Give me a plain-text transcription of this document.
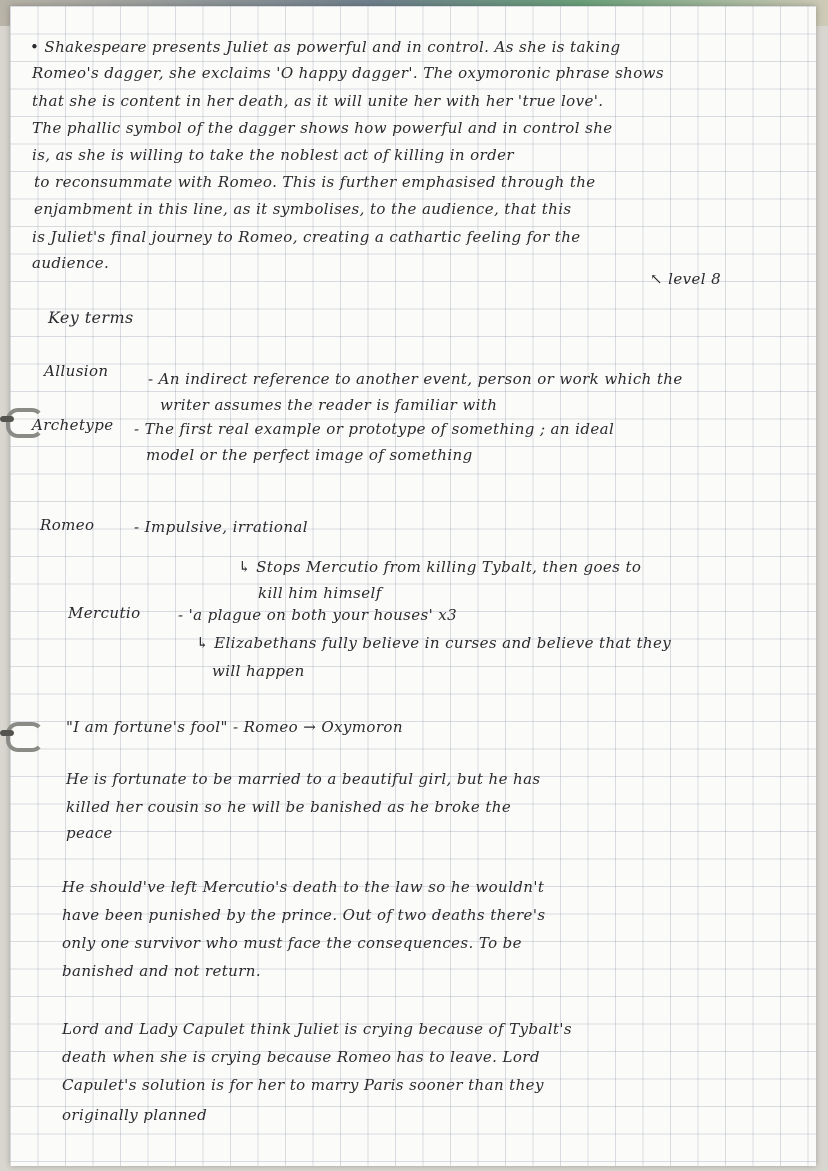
• Shakespeare presents Juliet as powerful and in control. As she is taking
Romeo's dagger, she exclaims 'O happy dagger'. The oxymoronic phrase shows
that she is content in her death, as it will unite her with her 'true love'.
The phallic symbol of the dagger shows how powerful and in control she
is, as she is willing to take the noblest act of killing in order
to reconsummate with Romeo. This is further emphasised through the
enjambment in this line, as it symbolises, to the audience, that this
is Juliet's final journey to Romeo, creating a cathartic feeling for the
audience.
↖ level 8
Key terms
Allusion	- An indirect reference to another event, person or work which the
writer assumes the reader is familiar with
Archetype - The first real example or prototype of something ; an ideal
model or the perfect image of something
Romeo	- Impulsive, irrational
↳ Stops Mercutio from killing Tybalt, then goes to
kill him himself
Mercutio - 'a plague on both your houses' x3
↳ Elizabethans fully believe in curses and believe that they
will happen
"I am fortune's fool" - Romeo → Oxymoron
He is fortunate to be married to a beautiful girl, but he has
killed her cousin so he will be banished as he broke the
peace
He should've left Mercutio's death to the law so he wouldn't
have been punished by the prince. Out of two deaths there's
only one survivor who must face the consequences. To be
banished and not return.
Lord and Lady Capulet think Juliet is crying because of Tybalt's
death when she is crying because Romeo has to leave. Lord
Capulet's solution is for her to marry Paris sooner than they
originally planned
